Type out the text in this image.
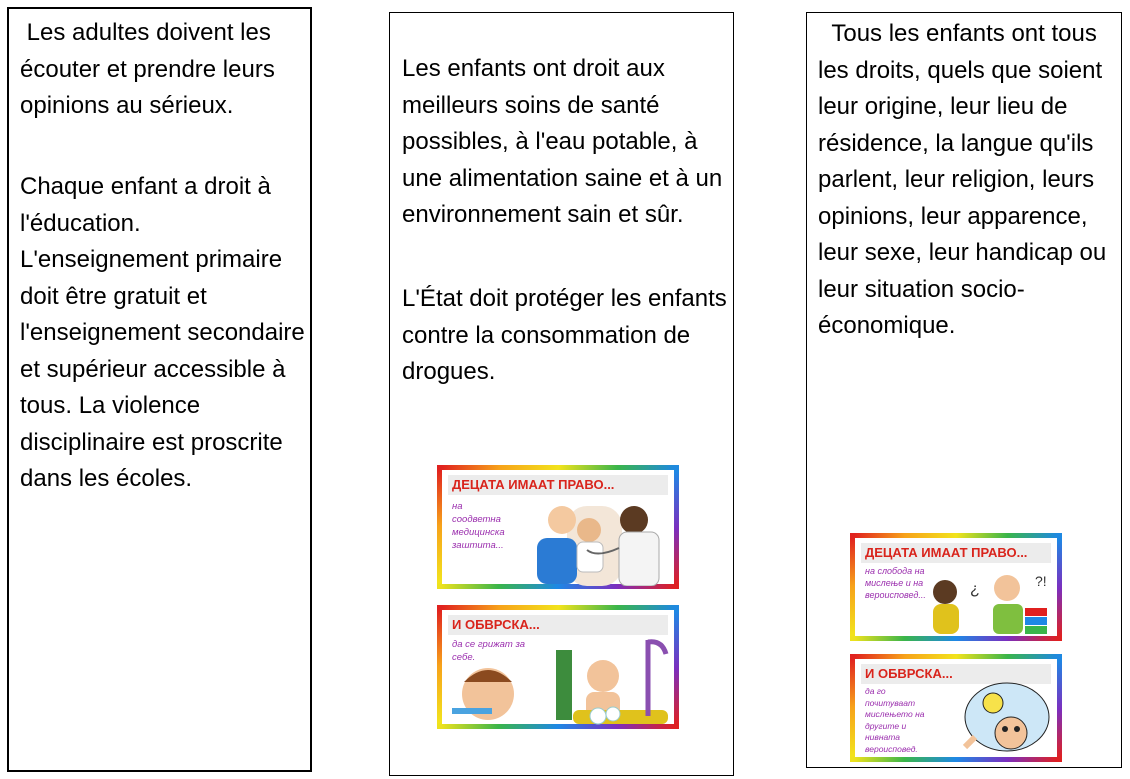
Les adultes doivent les écouter et prendre leurs opinions au sérieux.

Chaque enfant a droit à l'éducation. L'enseignement primaire doit être gratuit et l'enseignement secondaire et supérieur accessible à tous. La violence disciplinaire est proscrite dans les écoles.

Les enfants ont droit aux meilleurs soins de santé possibles, à l'eau potable, à une alimentation saine et à un environnement sain et sûr.

L'État doit protéger les enfants contre la consommation de drogues.

ДЕЦАТА ИМААТ ПРАВО...
на
соодветна
медицинска
заштита...
И ОБВРСКА...
да се грижат за
себе.

Tous les enfants ont tous les droits, quels que soient leur origine, leur lieu de résidence, la langue qu'ils parlent, leur religion, leurs opinions, leur apparence, leur sexe, leur handicap ou leur situation socio-économique.

ДЕЦАТА ИМААТ ПРАВО...
на слобода на
мислење и на
вероисповед...	¿	?!
И ОБВРСКА...
да го
почитуваат
мислењето на
другите и
нивната
вероисповед.
